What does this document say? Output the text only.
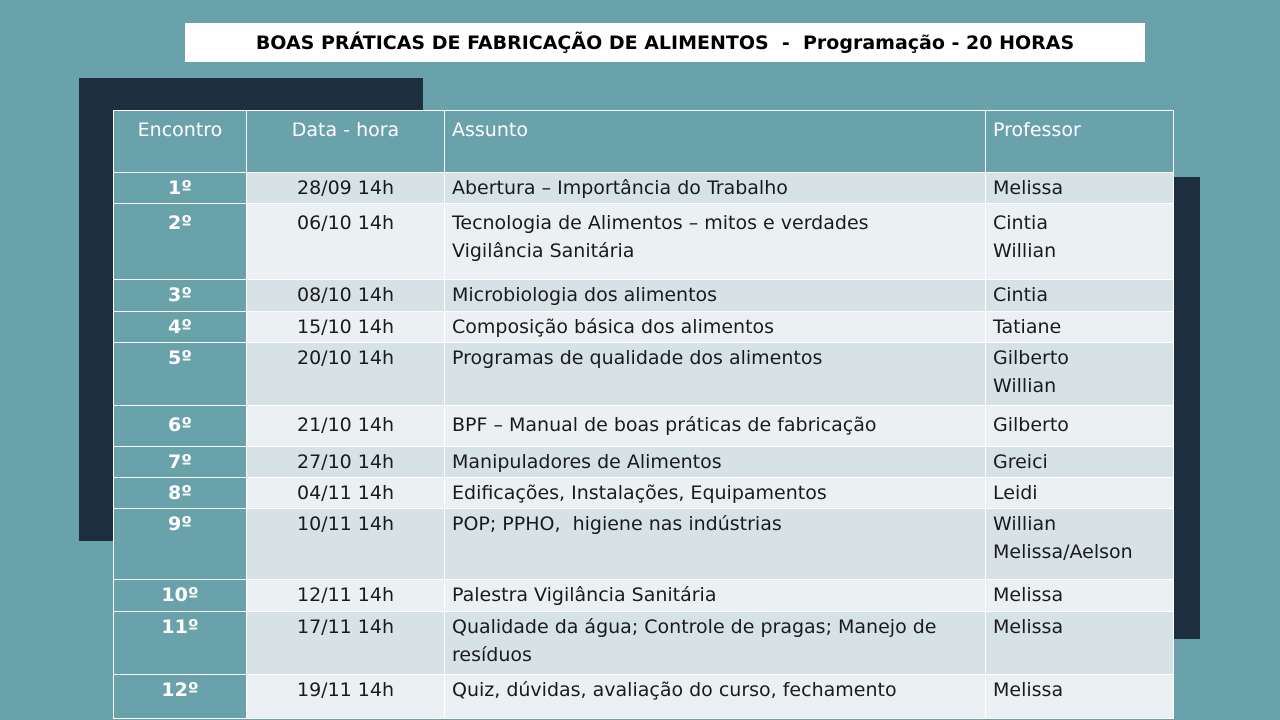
BOAS PRÁTICAS DE FABRICAÇÃO DE ALIMENTOS  -  Programação - 20 HORAS
Encontro	Data - hora	Assunto	Professor
1º	28/09 14h	Abertura – Importância do Trabalho	Melissa

2º	06/10 14h	Tecnologia de Alimentos – mitos e verdades
Vigilância Sanitária	Cintia
Willian

3º	08/10 14h	Microbiologia dos alimentos	Cintia

4º	15/10 14h	Composição básica dos alimentos	Tatiane

5º	20/10 14h	Programas de qualidade dos alimentos	Gilberto
Willian

6º	21/10 14h	BPF – Manual de boas práticas de fabricação	Gilberto

7º	27/10 14h	Manipuladores de Alimentos	Greici

8º	04/11 14h	Edificações, Instalações, Equipamentos	Leidi

9º	10/11 14h	POP; PPHO,  higiene nas indústrias	Willian
Melissa/Aelson

10º	12/11 14h	Palestra Vigilância Sanitária	Melissa

11º	17/11 14h	Qualidade da água; Controle de pragas; Manejo de
resíduos	Melissa

12º	19/11 14h	Quiz, dúvidas, avaliação do curso, fechamento	Melissa
